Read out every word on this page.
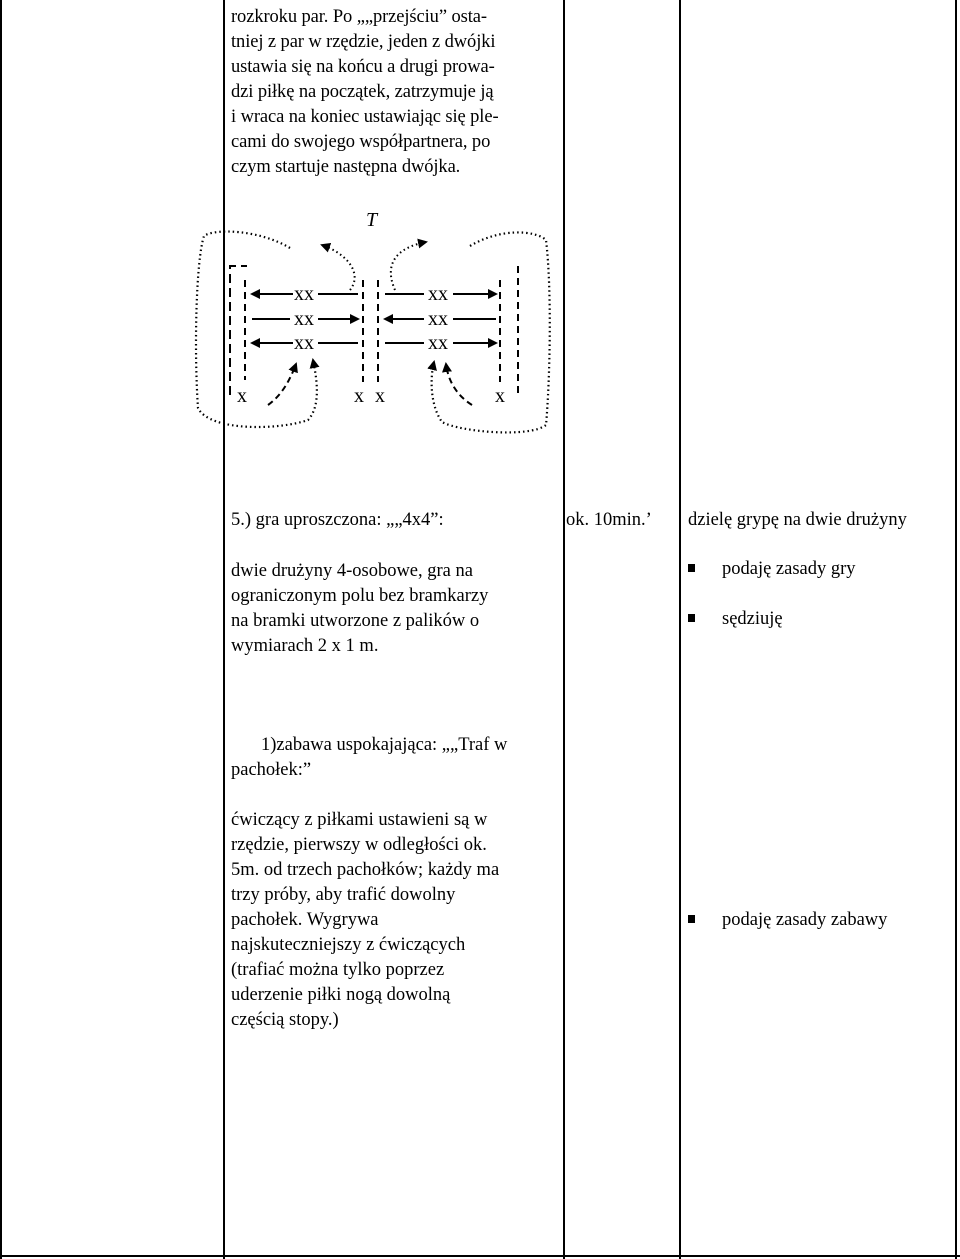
rozkroku par. Po „„przejściu” osta-
tniej z par w rzędzie, jeden z dwójki
ustawia się na końcu a drugi prowa-
dzi piłkę na początek, zatrzymuje ją
i wraca na koniec ustawiając się ple-
cami do swojego współpartnera, po
czym startuje następna dwójka.
T
xx
xx
xx
xx
xx
xx
x	x x	x
5.) gra uproszczona: „„4x4”:
dwie drużyny 4-osobowe, gra na
ograniczonym polu bez bramkarzy
na bramki utworzone z palików o
wymiarach 2 x 1 m.
ok. 10min.’ dzielę grypę na dwie drużyny
podaję zasady gry
sędziuję
1)zabawa uspokajająca: „„Traf w
pachołek:”
ćwiczący z piłkami ustawieni są w
rzędzie, pierwszy w odległości ok.
5m. od trzech pachołków; każdy ma
trzy próby, aby trafić dowolny
pachołek. Wygrywa
najskuteczniejszy z ćwiczących
(trafiać można tylko poprzez
uderzenie piłki nogą dowolną
częścią stopy.)
podaję zasady zabawy
